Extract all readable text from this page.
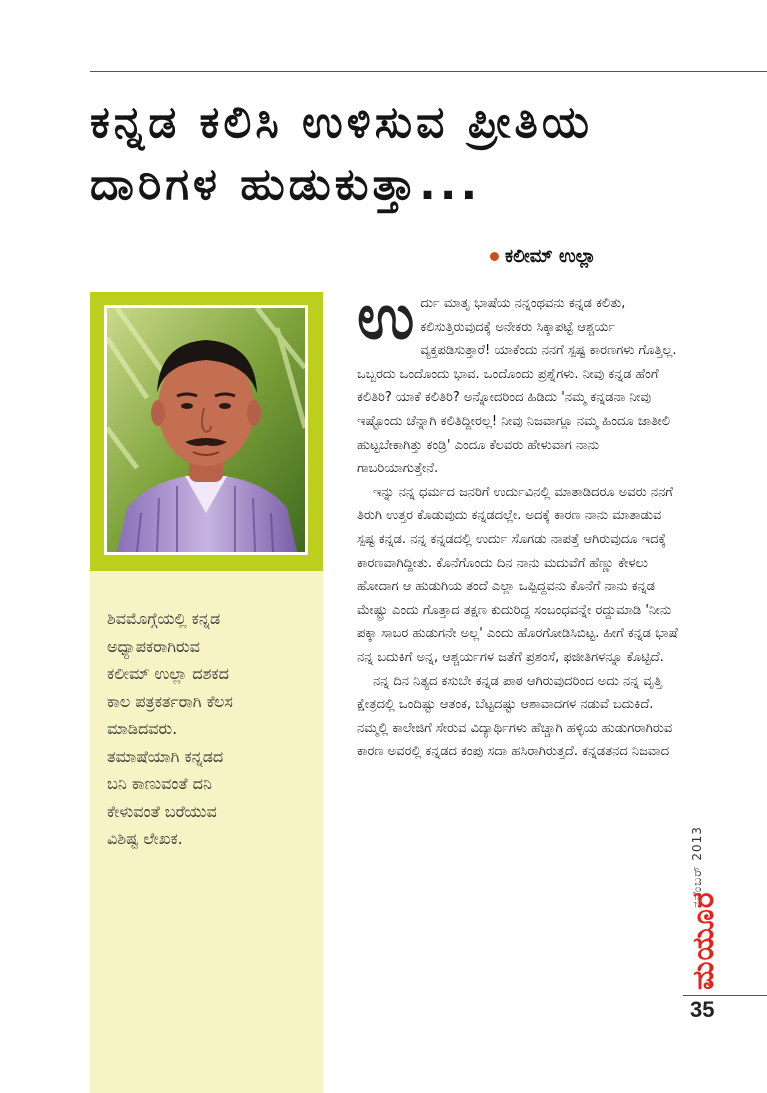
ಕನ್ನಡ ಕಲಿಸಿ ಉಳಿಸುವ ಪ್ರೀತಿಯ
ದಾರಿಗಳ ಹುಡುಕುತ್ತಾ...
ಕಲೀಮ್ ಉಲ್ಲಾ

ಶಿವಮೊಗ್ಗೆಯಲ್ಲಿ ಕನ್ನಡ

ಅಧ್ಯಾಪಕರಾಗಿರುವ

ಕಲೀಮ್ ಉಲ್ಲಾ ದಶಕದ

ಕಾಲ ಪತ್ರಕರ್ತರಾಗಿ ಕೆಲಸ

ಮಾಡಿದವರು.

ತಮಾಷೆಯಾಗಿ ಕನ್ನಡದ

ಬನಿ ಕಾಣುವಂತೆ ದನಿ

ಕೇಳುವಂತೆ ಬರೆಯುವ

ವಿಶಿಷ್ಟ ಲೇಖಕ.

ಉ ರ್ದು ಮಾತೃ ಭಾಷೆಯ ನನ್ನಂಥವನು ಕನ್ನಡ ಕಲಿತು, ಕಲಿಸುತ್ತಿರುವುದಕ್ಕೆ ಅನೇಕರು ಸಿಕ್ಕಾಪಟ್ಟೆ ಆಶ್ಚರ್ಯ ವ್ಯಕ್ತಪಡಿಸುತ್ತಾರೆ! ಯಾಕೆಂದು ನನಗೆ ಸ್ಪಷ್ಟ ಕಾರಣಗಳು ಗೊತ್ತಿಲ್ಲ. ಒಬ್ಬರದು ಒಂದೊಂದು ಭಾವ. ಒಂದೊಂದು ಪ್ರಶ್ನೆಗಳು. ನೀವು ಕನ್ನಡ ಹೆಂಗೆ ಕಲಿತಿರಿ? ಯಾಕೆ ಕಲಿತಿರಿ? ಅನ್ನೋದರಿಂದ ಹಿಡಿದು 'ನಮ್ಮ ಕನ್ನಡನಾ ನೀವು ಇಷ್ಟೊಂದು ಚೆನ್ನಾಗಿ ಕಲಿತಿದ್ದೀರಲ್ಲ! ನೀವು ನಿಜವಾಗ್ಲೂ ನಮ್ಮ ಹಿಂದೂ ಜಾತೀಲಿ ಹುಟ್ಟಬೇಕಾಗಿತ್ತು ಕಂಡ್ರಿ' ಎಂದೂ ಕೆಲವರು ಹೇಳುವಾಗ ನಾನು ಗಾಬರಿಯಾಗುತ್ತೇನೆ.

ಇನ್ನು ನನ್ನ ಧರ್ಮದ ಜನರಿಗೆ ಉರ್ದುವಿನಲ್ಲಿ ಮಾತಾಡಿದರೂ ಅವರು ನನಗೆ ತಿರುಗಿ ಉತ್ತರ ಕೊಡುವುದು ಕನ್ನಡದಲ್ಲೇ. ಅದಕ್ಕೆ ಕಾರಣ ನಾನು ಮಾತಾಡುವ ಸ್ಪಷ್ಟ ಕನ್ನಡ. ನನ್ನ ಕನ್ನಡದಲ್ಲಿ ಉರ್ದು ಸೊಗಡು ನಾಪತ್ತೆ ಆಗಿರುವುದೂ ಇದಕ್ಕೆ ಕಾರಣವಾಗಿದ್ದೀತು. ಕೊನೆಗೊಂದು ದಿನ ನಾನು ಮದುವೆಗೆ ಹೆಣ್ಣು ಕೇಳಲು ಹೋದಾಗ ಆ ಹುಡುಗಿಯ ತಂದೆ ಎಲ್ಲಾ ಒಪ್ಪಿದ್ದವನು ಕೊನೆಗೆ ನಾನು ಕನ್ನಡ ಮೇಷ್ಟ್ರು ಎಂದು ಗೊತ್ತಾದ ತಕ್ಷಣ ಕುದುರಿದ್ದ ಸಂಬಂಧವನ್ನೇ ರದ್ದುಮಾಡಿ 'ನೀನು ಪಕ್ಕಾ ಸಾಬರ ಹುಡುಗನೇ ಅಲ್ಲ' ಎಂದು ಹೊರಗೋಡಿಸಿಬಿಟ್ಟ. ಹೀಗೆ ಕನ್ನಡ ಭಾಷೆ ನನ್ನ ಬದುಕಿಗೆ ಅನ್ನ, ಆಶ್ಚರ್ಯಗಳ ಜತೆಗೆ ಪ್ರಶಂಸೆ, ಫಜೀತಿಗಳನ್ನೂ ಕೊಟ್ಟಿದೆ.

ನನ್ನ ದಿನ ನಿತ್ಯದ ಕಸುಬೇ ಕನ್ನಡ ಪಾಠ ಆಗಿರುವುದರಿಂದ ಅದು ನನ್ನ ವೃತ್ತಿ ಕ್ಷೇತ್ರದಲ್ಲಿ ಒಂದಿಷ್ಟು ಆತಂಕ, ಬೆಟ್ಟದಷ್ಟು ಆಶಾವಾದಗಳ ನಡುವೆ ಬದುಕಿದೆ. ನಮ್ಮಲ್ಲಿ ಕಾಲೇಜಿಗೆ ಸೇರುವ ವಿದ್ಯಾರ್ಥಿಗಳು ಹೆಚ್ಚಾಗಿ ಹಳ್ಳಿಯ ಹುಡುಗರಾಗಿರುವ ಕಾರಣ ಅವರಲ್ಲಿ ಕನ್ನಡದ ಕಂಪು ಸದಾ ಹಸಿರಾಗಿರುತ್ತದೆ. ಕನ್ನಡತನದ ನಿಜವಾದ

ನವೆಂಬರ್ 2013
ಮಯೂರ
35
